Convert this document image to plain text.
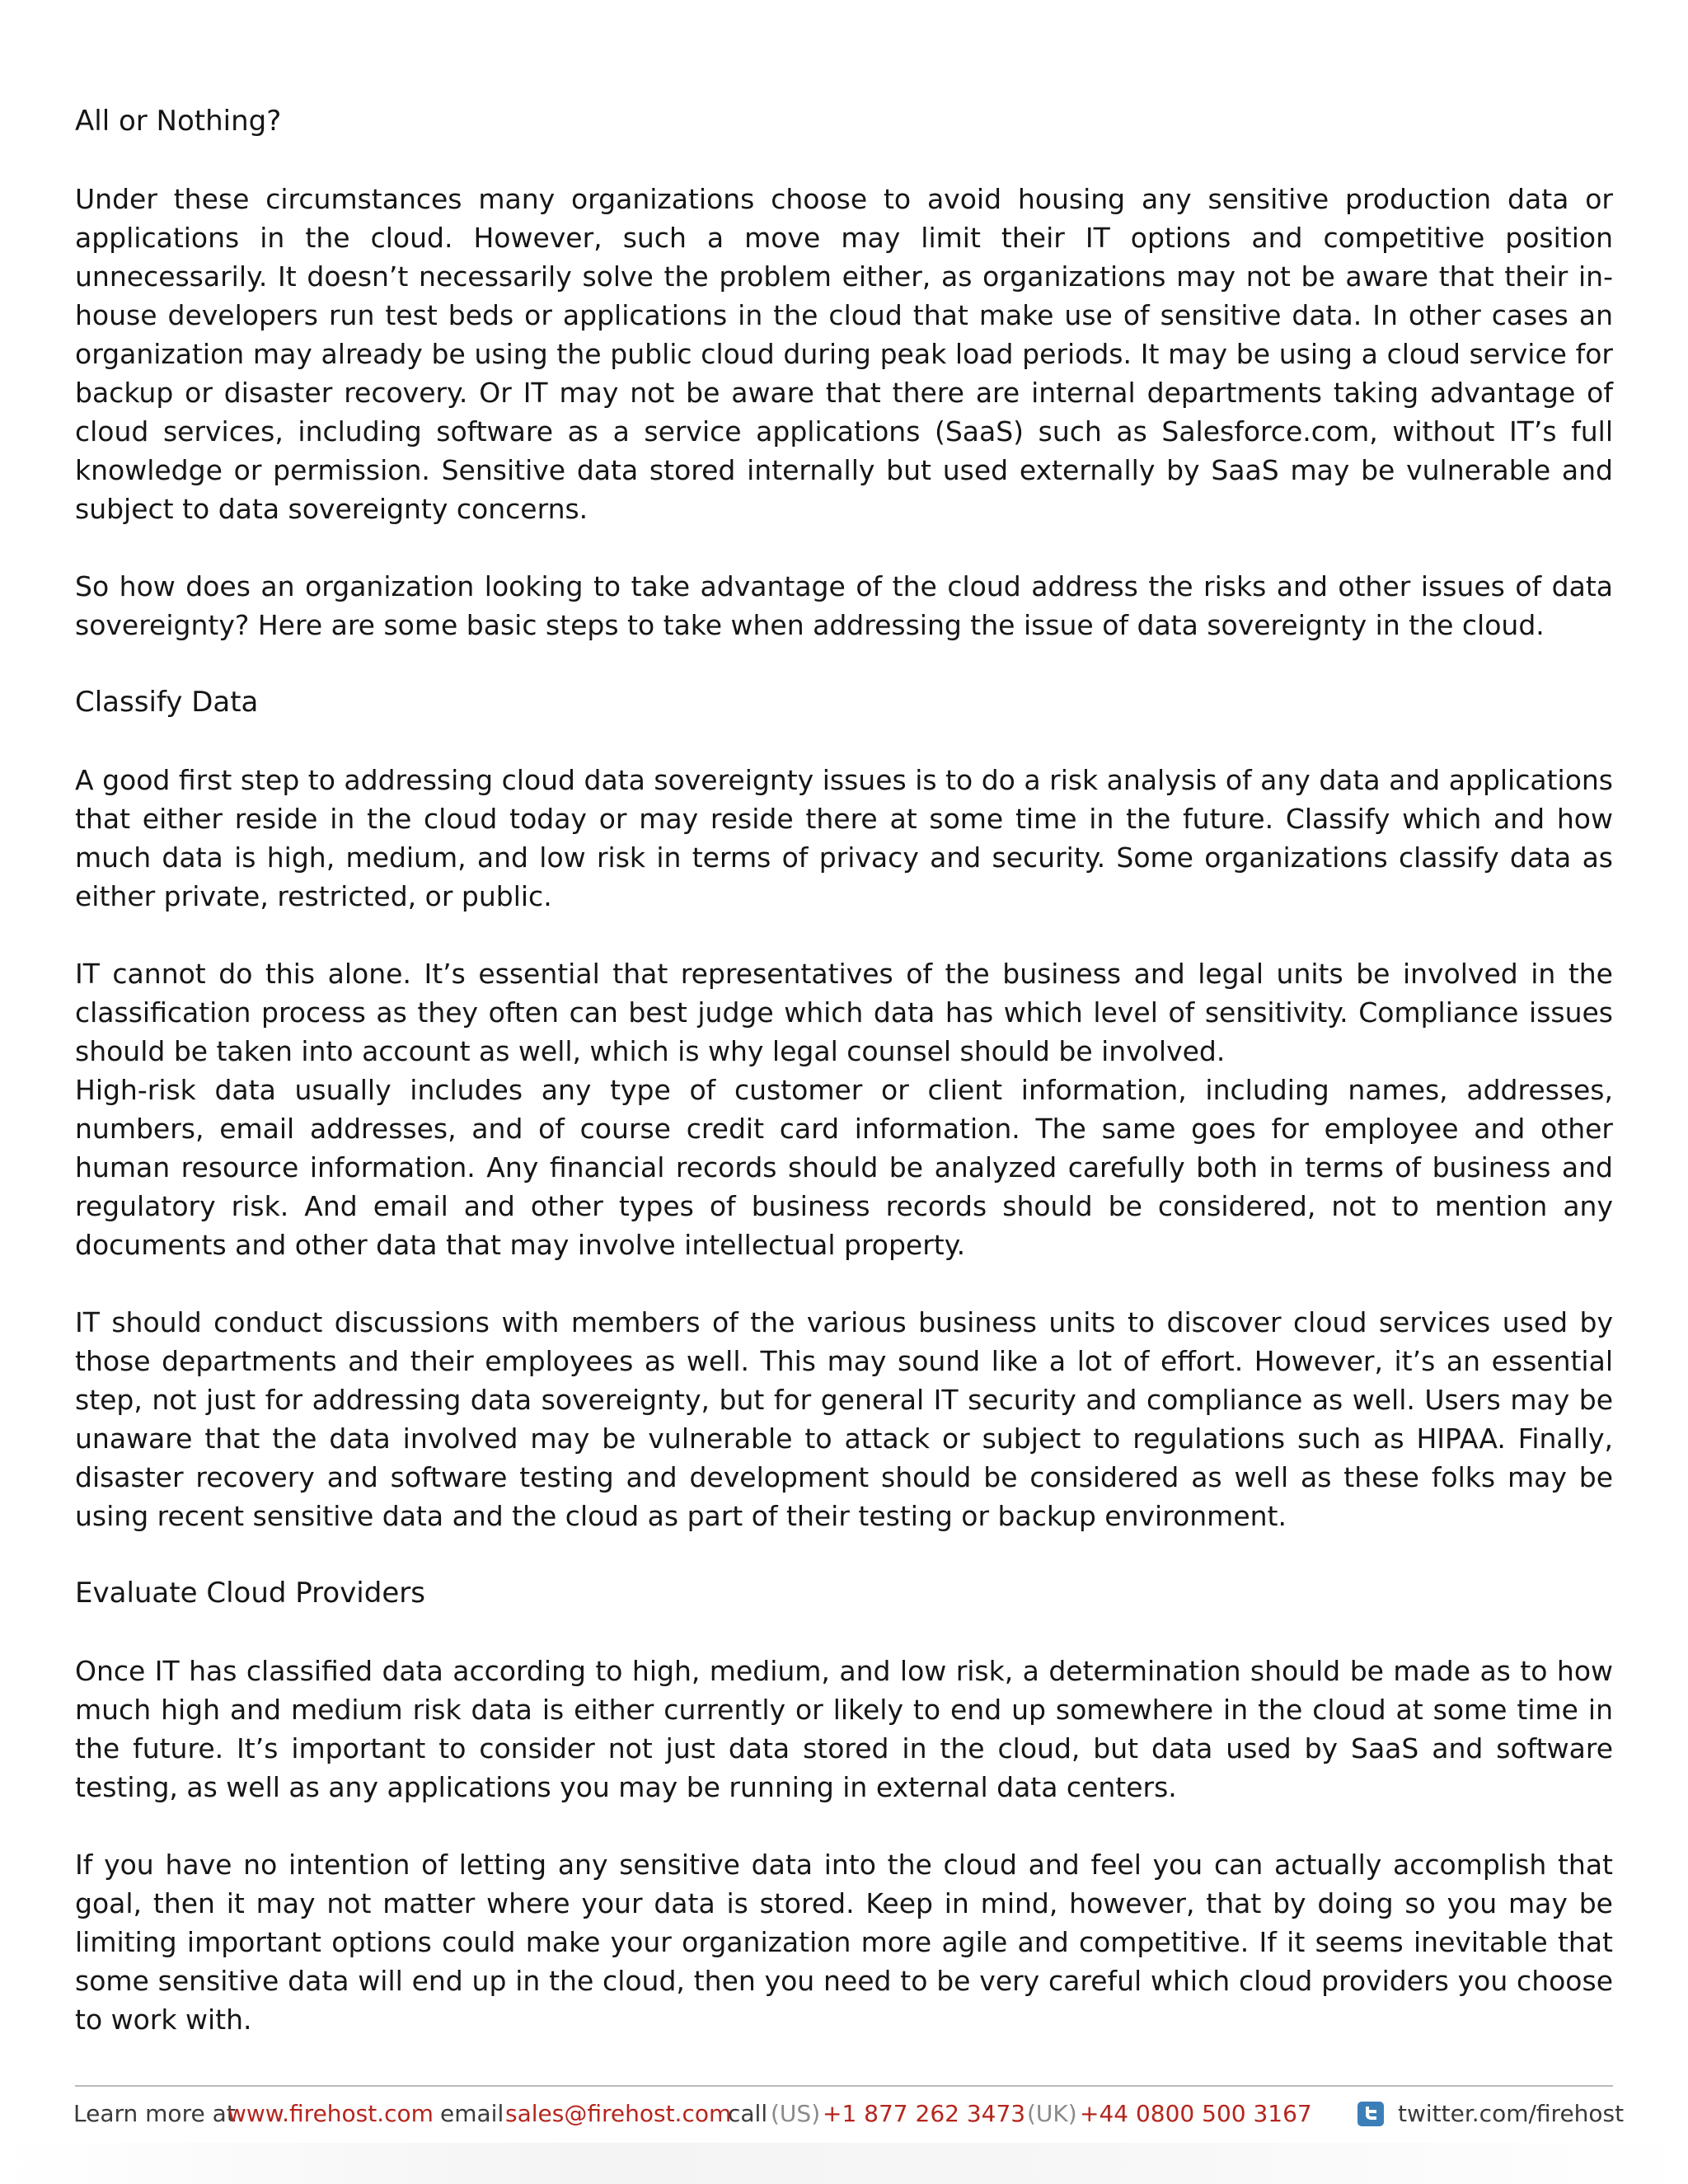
All or Nothing?

Under these circumstances many organizations choose to avoid housing any sensitive production data or applications in the cloud. However, such a move may limit their IT options and competitive position unnecessarily. It doesn’t necessarily solve the problem either, as organizations may not be aware that their in-house developers run test beds or applications in the cloud that make use of sensitive data. In other cases an organization may already be using the public cloud during peak load periods. It may be using a cloud service for backup or disaster recovery. Or IT may not be aware that there are internal departments taking advantage of cloud services, including software as a service applications (SaaS) such as Salesforce.com, without IT’s full knowledge or permission. Sensitive data stored internally but used externally by SaaS may be vulnerable and subject to data sovereignty concerns.

So how does an organization looking to take advantage of the cloud address the risks and other issues of data sovereignty? Here are some basic steps to take when addressing the issue of data sovereignty in the cloud.

Classify Data

A good first step to addressing cloud data sovereignty issues is to do a risk analysis of any data and applications that either reside in the cloud today or may reside there at some time in the future. Classify which and how much data is high, medium, and low risk in terms of privacy and security. Some organizations classify data as either private, restricted, or public.

IT cannot do this alone. It’s essential that representatives of the business and legal units be involved in the classification process as they often can best judge which data has which level of sensitivity. Compliance issues should be taken into account as well, which is why legal counsel should be involved.

High-risk data usually includes any type of customer or client information, including names, addresses, numbers, email addresses, and of course credit card information. The same goes for employee and other human resource information. Any financial records should be analyzed carefully both in terms of business and regulatory risk. And email and other types of business records should be considered, not to mention any documents and other data that may involve intellectual property.

IT should conduct discussions with members of the various business units to discover cloud services used by those departments and their employees as well. This may sound like a lot of effort. However, it’s an essential step, not just for addressing data sovereignty, but for general IT security and compliance as well. Users may be unaware that the data involved may be vulnerable to attack or subject to regulations such as HIPAA. Finally, disaster recovery and software testing and development should be considered as well as these folks may be using recent sensitive data and the cloud as part of their testing or backup environment.

Evaluate Cloud Providers

Once IT has classified data according to high, medium, and low risk, a determination should be made as to how much high and medium risk data is either currently or likely to end up somewhere in the cloud at some time in the future. It’s important to consider not just data stored in the cloud, but data used by SaaS and software testing, as well as any applications you may be running in external data centers.

If you have no intention of letting any sensitive data into the cloud and feel you can actually accomplish that goal, then it may not matter where your data is stored. Keep in mind, however, that by doing so you may be limiting important options could make your organization more agile and competitive. If it seems inevitable that some sensitive data will end up in the cloud, then you need to be very careful which cloud providers you choose to work with.

Learn more at
www.firehost.com email sales@firehost.com
call (US) +1 877 262 3473 (UK) +44 0800 500 3167	twitter.com/firehost
